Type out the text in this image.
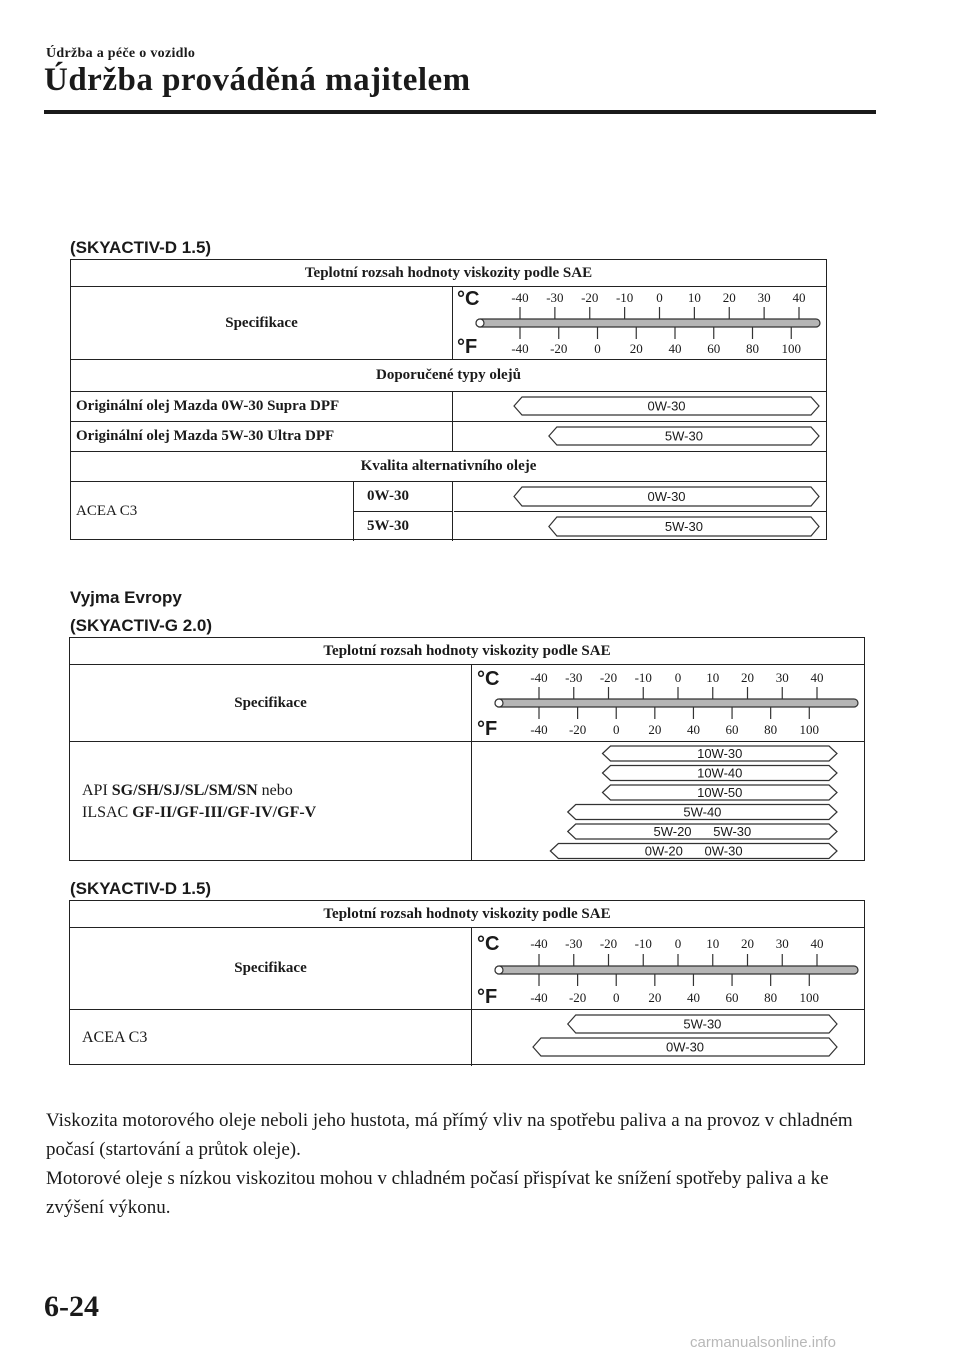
Údržba a péče o vozidlo
Údržba prováděná majitelem
(SKYACTIV-D 1.5)
Teplotní rozsah hodnoty viskozity podle SAE
Specifikace
°C
°F
-40 -30 -20 -10 0 10 20 30 40
-40 -20 0 20 40 60 80 100
Doporučené typy olejů
Originální olej Mazda 0W-30 Supra DPF	0W-30
Originální olej Mazda 5W-30 Ultra DPF	5W-30
Kvalita alternativního oleje
ACEA C3
0W-30
5W-30
0W-30
5W-30
Vyjma Evropy
(SKYACTIV-G 2.0)
Teplotní rozsah hodnoty viskozity podle SAE
Specifikace
°C
°F
-40 -30 -20 -10 0 10 20 30 40
-40 -20 0 20 40 60 80 100
API SG/SH/SJ/SL/SM/SN nebo
ILSAC GF-II/GF-III/GF-IV/GF-V
10W-30
10W-40
10W-50
5W-40
5W-20      5W-30
0W-20      0W-30
(SKYACTIV-D 1.5)
Teplotní rozsah hodnoty viskozity podle SAE
Specifikace
°C
°F
-40 -30 -20 -10 0 10 20 30 40
-40 -20 0 20 40 60 80 100
ACEA C3
5W-30
0W-30
Viskozita motorového oleje neboli jeho hustota, má přímý vliv na spotřebu paliva a na provoz v chladném počasí (startování a průtok oleje).
Motorové oleje s nízkou viskozitou mohou v chladném počasí přispívat ke snížení spotřeby paliva a ke zvýšení výkonu.
6-24
carmanualsonline.info
